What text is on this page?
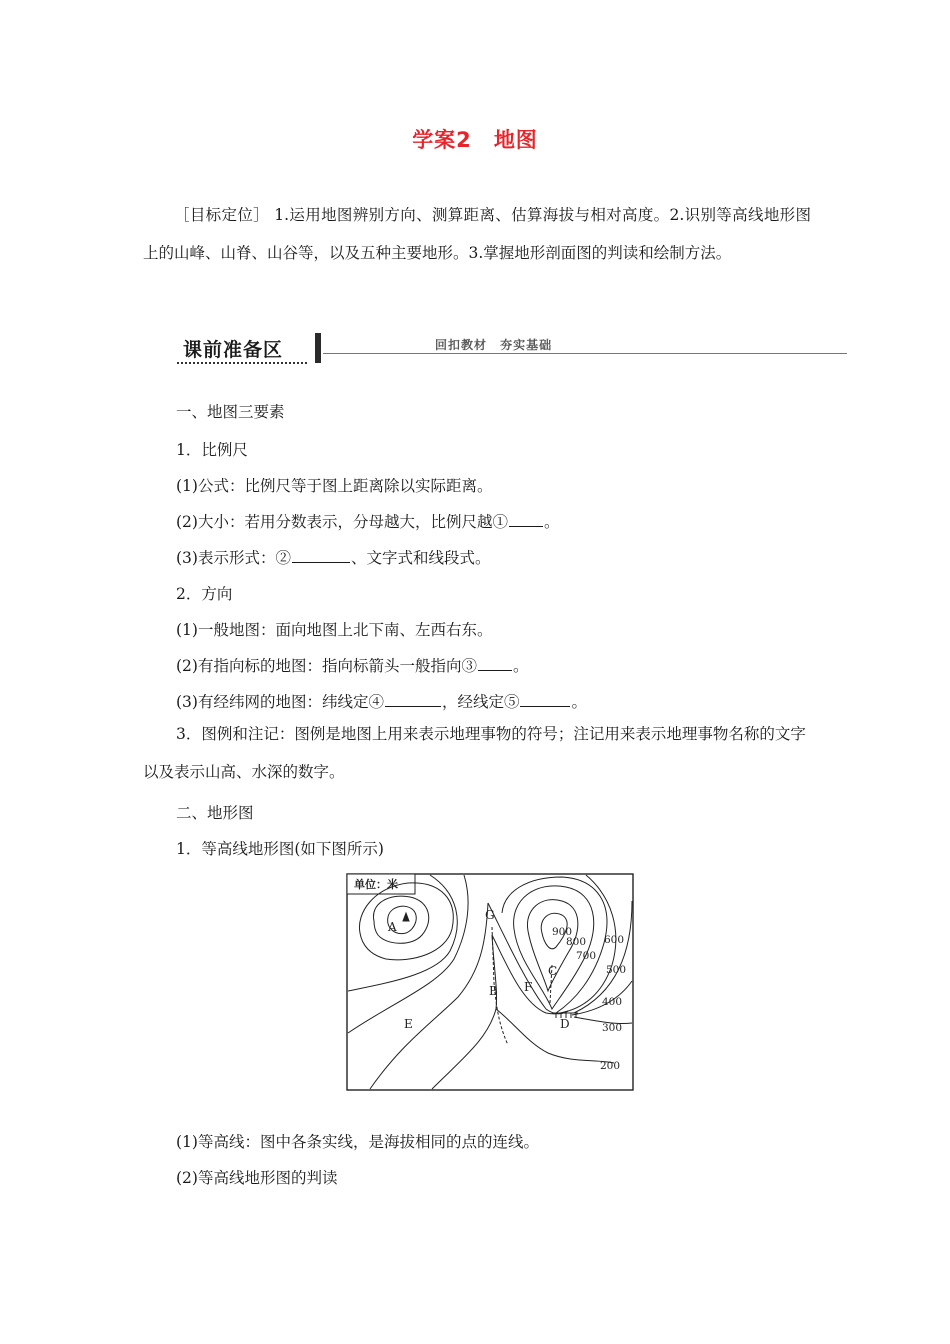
学案2 地图
［目标定位］ 1.运用地图辨别方向、测算距离、估算海拔与相对高度。2.识别等高线地形图上的山峰、山脊、山谷等，以及五种主要地形。3.掌握地形剖面图的判读和绘制方法。
课前准备区	回扣教材 夯实基础
一、地图三要素
1．比例尺
(1)公式：比例尺等于图上距离除以实际距离。
(2)大小：若用分数表示，分母越大，比例尺越① 。
(3)表示形式：②	、文字式和线段式。
2．方向
(1)一般地图：面向地图上北下南、左西右东。
(2)有指向标的地图：指向标箭头一般指向③ 。
(3)有经纬网的地图：纬线定④	，经线定⑤	。
3．图例和注记：图例是地图上用来表示地理事物的符号；注记用来表示地理事物名称的文字以及表示山高、水深的数字。
二、地形图
1．等高线地形图(如下图所示)
单位：米
A
G
B
C
F
D
E
900
800
700
600
500
400
300
200
(1)等高线：图中各条实线，是海拔相同的点的连线。
(2)等高线地形图的判读
